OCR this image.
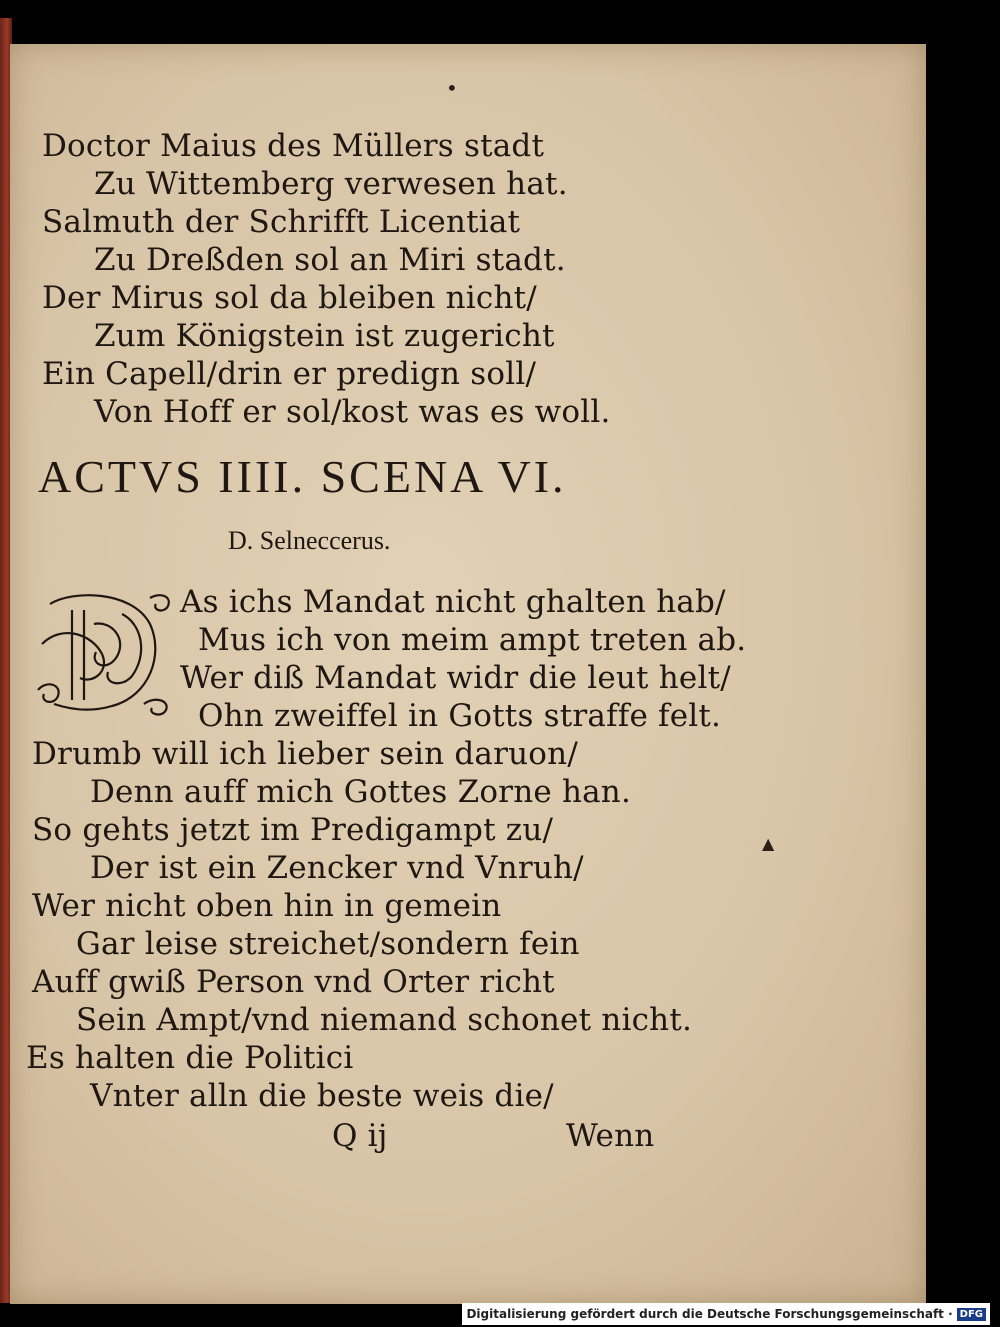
•
Doctor Maius des Müllers stadt
Zu Wittemberg verwesen hat.
Salmuth der Schrifft Licentiat
Zu Dreßden sol an Miri stadt.
Der Mirus sol da bleiben nicht/
Zum Königstein ist zugericht
Ein Capell/drin er predign soll/
Von Hoff er sol/kost was es woll.
ACTVS IIII. SCENA VI.
D. Selneccerus.
As ichs Mandat nicht ghalten hab/
Mus ich von meim ampt treten ab.
Wer diß Mandat widr die leut helt/
Ohn zweiffel in Gotts straffe felt.
Drumb will ich lieber sein daruon/
Denn auff mich Gottes Zorne han.
So gehts jetzt im Predigampt zu/
Der ist ein Zencker vnd Vnruh/
Wer nicht oben hin in gemein
Gar leise streichet/sondern fein
Auff gwiß Person vnd Orter richt
Sein Ampt/vnd niemand schonet nicht.
Es halten die Politici
Vnter alln die beste weis die/
Q ij	Wenn
▲
Digitalisierung gefördert durch die Deutsche Forschungsgemeinschaft · DFG
